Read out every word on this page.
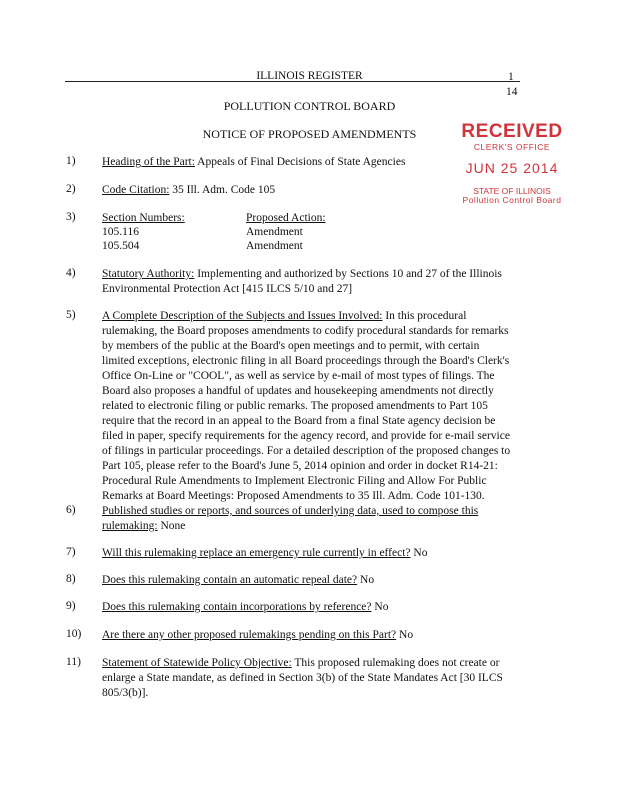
ILLINOIS REGISTER	1
14
POLLUTION CONTROL BOARD
NOTICE OF PROPOSED AMENDMENTS	RECEIVED
CLERK'S OFFICE
JUN 25 2014
STATE OF ILLINOIS
Pollution Control Board
1) Heading of the Part: Appeals of Final Decisions of State Agencies
2) Code Citation: 35 Ill. Adm. Code 105
3) Section Numbers:	Proposed Action:
105.116	Amendment
105.504	Amendment
4) Statutory Authority: Implementing and authorized by Sections 10 and 27 of the Illinois
Environmental Protection Act [415 ILCS 5/10 and 27]
5) A Complete Description of the Subjects and Issues Involved: In this procedural
rulemaking, the Board proposes amendments to codify procedural standards for remarks
by members of the public at the Board's open meetings and to permit, with certain
limited exceptions, electronic filing in all Board proceedings through the Board's Clerk's
Office On-Line or "COOL", as well as service by e-mail of most types of filings. The
Board also proposes a handful of updates and housekeeping amendments not directly
related to electronic filing or public remarks. The proposed amendments to Part 105
require that the record in an appeal to the Board from a final State agency decision be
filed in paper, specify requirements for the agency record, and provide for e-mail service
of filings in particular proceedings. For a detailed description of the proposed changes to
Part 105, please refer to the Board's June 5, 2014 opinion and order in docket R14-21:
Procedural Rule Amendments to Implement Electronic Filing and Allow For Public
Remarks at Board Meetings: Proposed Amendments to 35 Ill. Adm. Code 101-130.
6) Published studies or reports, and sources of underlying data, used to compose this
rulemaking: None
7) Will this rulemaking replace an emergency rule currently in effect? No
8) Does this rulemaking contain an automatic repeal date? No
9) Does this rulemaking contain incorporations by reference? No
10) Are there any other proposed rulemakings pending on this Part? No
11) Statement of Statewide Policy Objective: This proposed rulemaking does not create or
enlarge a State mandate, as defined in Section 3(b) of the State Mandates Act [30 ILCS
805/3(b)].
